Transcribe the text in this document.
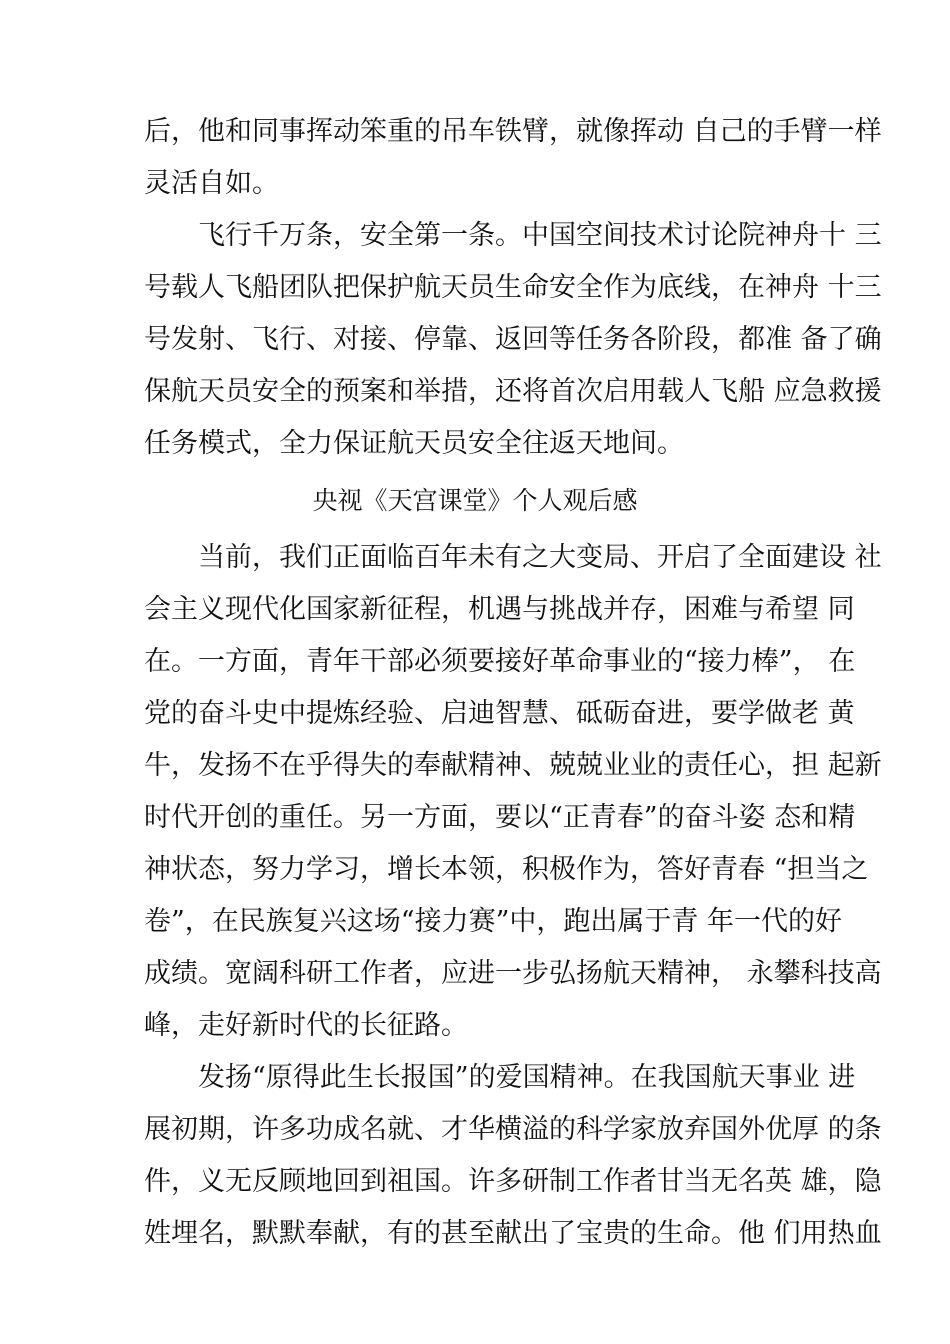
后，他和同事挥动笨重的吊车铁臂，就像挥动 自己的手臂一样
灵活自如。
　　飞行千万条，安全第一条。中国空间技术讨论院神舟十 三
号载人飞船团队把保护航天员生命安全作为底线，在神舟 十三
号发射、飞行、对接、停靠、返回等任务各阶段，都准 备了确
保航天员安全的预案和举措，还将首次启用载人飞船 应急救援
任务模式，全力保证航天员安全往返天地间。
央视《天宫课堂》个人观后感
　　当前，我们正面临百年未有之大变局、开启了全面建设 社
会主义现代化国家新征程，机遇与挑战并存，困难与希望 同
在。一方面，青年干部必须要接好革命事业的“接力棒”， 在
党的奋斗史中提炼经验、启迪智慧、砥砺奋进，要学做老 黄
牛，发扬不在乎得失的奉献精神、兢兢业业的责任心，担 起新
时代开创的重任。另一方面，要以“正青春”的奋斗姿 态和精
神状态，努力学习，增长本领，积极作为，答好青春 “担当之
卷”，在民族复兴这场“接力赛”中，跑出属于青 年一代的好
成绩。宽阔科研工作者，应进一步弘扬航天精神， 永攀科技高
峰，走好新时代的长征路。
　　发扬“原得此生长报国”的爱国精神。在我国航天事业 进
展初期，许多功成名就、才华横溢的科学家放弃国外优厚 的条
件，义无反顾地回到祖国。许多研制工作者甘当无名英 雄，隐
姓埋名，默默奉献，有的甚至献出了宝贵的生命。他 们用热血
